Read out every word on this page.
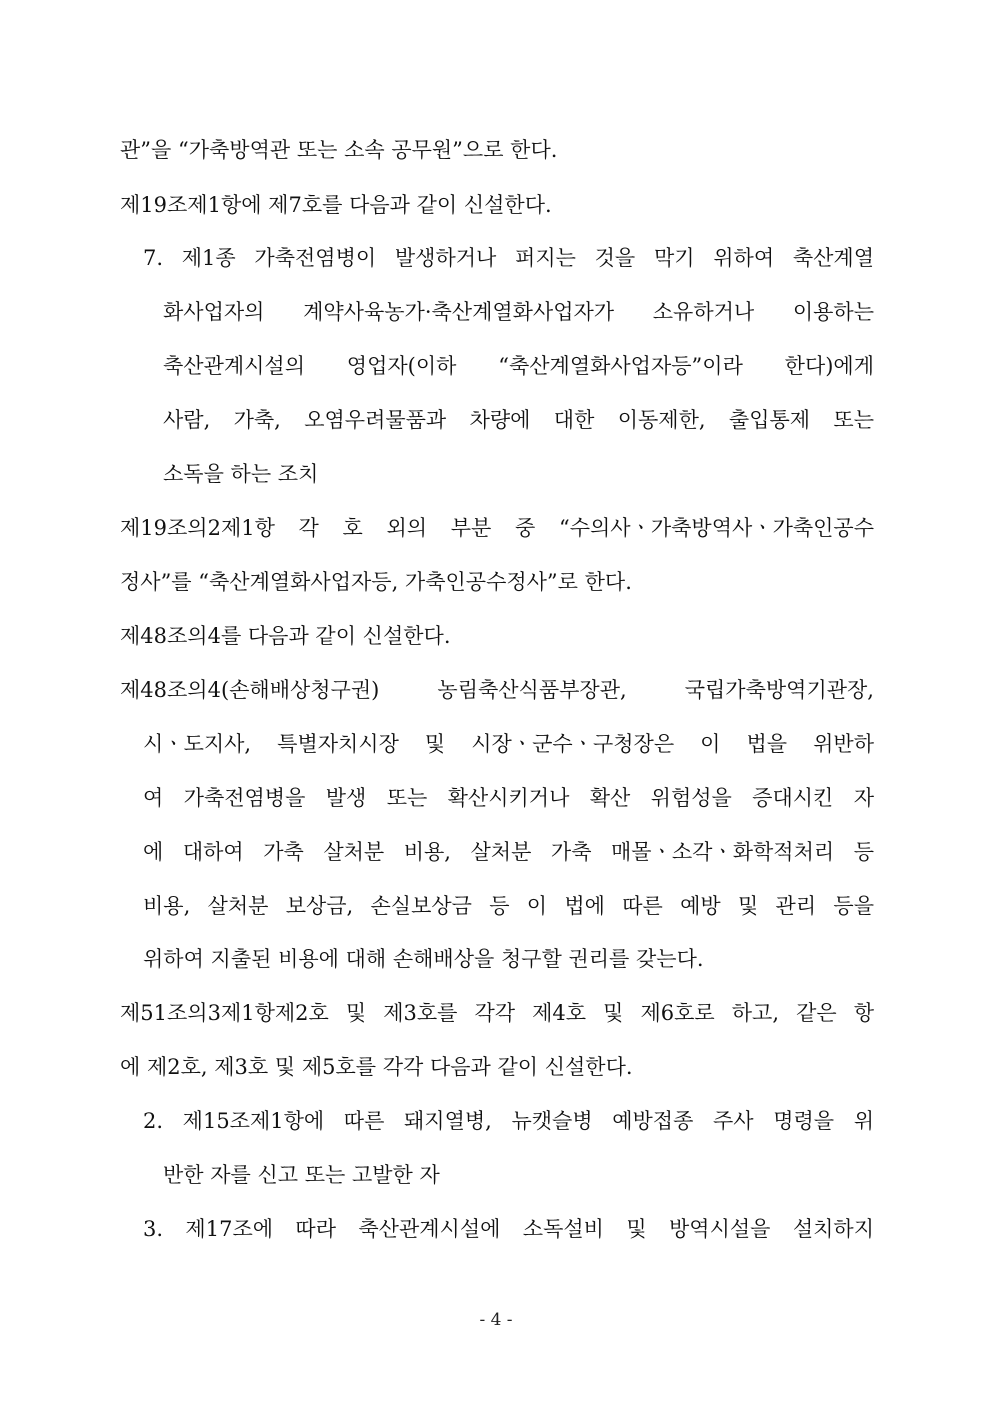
관”을 “가축방역관 또는 소속 공무원”으로 한다.
제19조제1항에 제7호를 다음과 같이 신설한다.
7. 제1종 가축전염병이 발생하거나 퍼지는 것을 막기 위하여 축산계열
화사업자의 계약사육농가·축산계열화사업자가 소유하거나 이용하는
축산관계시설의 영업자(이하 “축산계열화사업자등”이라 한다)에게
사람, 가축, 오염우려물품과 차량에 대한 이동제한, 출입통제 또는
소독을 하는 조치
제19조의2제1항 각 호 외의 부분 중 “수의사ㆍ가축방역사ㆍ가축인공수
정사”를 “축산계열화사업자등, 가축인공수정사”로 한다.
제48조의4를 다음과 같이 신설한다.
제48조의4(손해배상청구권) 농림축산식품부장관, 국립가축방역기관장,
시ㆍ도지사, 특별자치시장 및 시장ㆍ군수ㆍ구청장은 이 법을 위반하
여 가축전염병을 발생 또는 확산시키거나 확산 위험성을 증대시킨 자
에 대하여 가축 살처분 비용, 살처분 가축 매몰ㆍ소각ㆍ화학적처리 등
비용, 살처분 보상금, 손실보상금 등 이 법에 따른 예방 및 관리 등을
위하여 지출된 비용에 대해 손해배상을 청구할 권리를 갖는다.
제51조의3제1항제2호 및 제3호를 각각 제4호 및 제6호로 하고, 같은 항
에 제2호, 제3호 및 제5호를 각각 다음과 같이 신설한다.
2. 제15조제1항에 따른 돼지열병, 뉴캣슬병 예방접종 주사 명령을 위
반한 자를 신고 또는 고발한 자
3. 제17조에 따라 축산관계시설에 소독설비 및 방역시설을 설치하지
- 4 -
